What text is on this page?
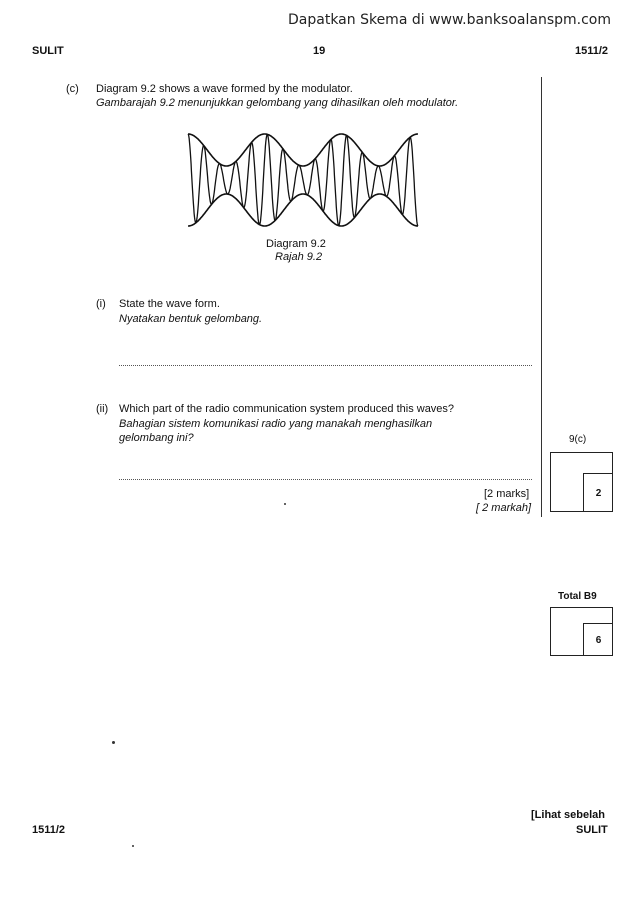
Dapatkan Skema di www.banksoalanspm.com
SULIT	19	1511/2
(c) Diagram 9.2 shows a wave formed by the modulator.
Gambarajah 9.2 menunjukkan gelombang yang dihasilkan oleh modulator.
Diagram 9.2
Rajah 9.2
(i) State the wave form.
Nyatakan bentuk gelombang.
(ii) Which part of the radio communication system produced this waves?
Bahagian sistem komunikasi radio yang manakah menghasilkan
gelombang ini?
[2 marks]
[ 2 markah]
9(c)
2
Total B9
6
1511/2
[Lihat sebelah
SULIT
